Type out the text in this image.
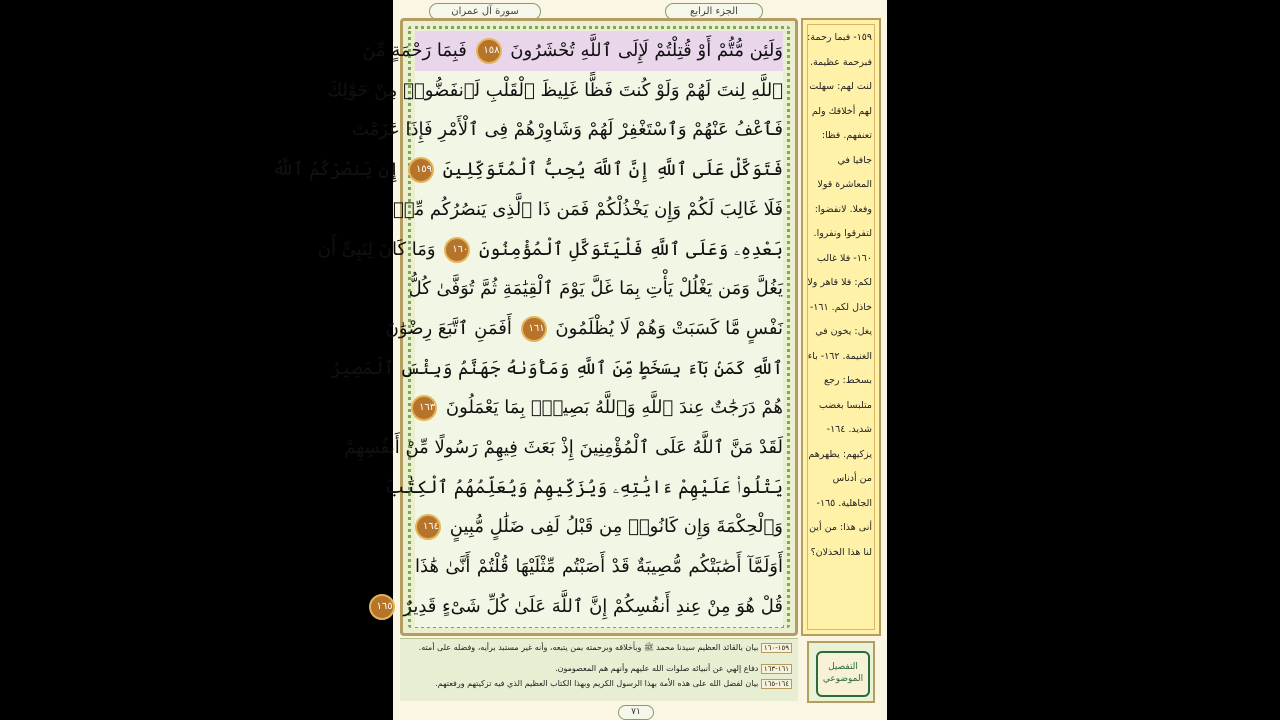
سورة آل عمران	الجزء الرابع
وَلَئِن مُّتُّمْ أَوْ قُتِلْتُمْ لَإِلَى ٱللَّهِ تُحْشَرُونَ ١٥٨ فَبِمَا رَحْمَةٍ مِّنَ
ٱللَّهِ لِنتَ لَهُمْ وَلَوْ كُنتَ فَظًّا غَلِيظَ ٱلْقَلْبِ لَٱنفَضُّوا۟ مِنْ حَوْلِكَ
فَٱعْفُ عَنْهُمْ وَٱسْتَغْفِرْ لَهُمْ وَشَاوِرْهُمْ فِى ٱلْأَمْرِ فَإِذَا عَزَمْتَ
فَتَوَكَّلْ عَلَى ٱللَّهِ إِنَّ ٱللَّهَ يُحِبُّ ٱلْمُتَوَكِّلِينَ ١٥٩ إِن يَنصُرْكُمُ ٱللَّهُ
فَلَا غَالِبَ لَكُمْ وَإِن يَخْذُلْكُمْ فَمَن ذَا ٱلَّذِى يَنصُرُكُم مِّنۢ
بَعْدِهِۦ وَعَلَى ٱللَّهِ فَلْيَتَوَكَّلِ ٱلْمُؤْمِنُونَ ١٦٠ وَمَا كَانَ لِنَبِىٍّ أَن
يَغُلَّ وَمَن يَغْلُلْ يَأْتِ بِمَا غَلَّ يَوْمَ ٱلْقِيَٰمَةِ ثُمَّ تُوَفَّىٰ كُلُّ
نَفْسٍ مَّا كَسَبَتْ وَهُمْ لَا يُظْلَمُونَ ١٦١ أَفَمَنِ ٱتَّبَعَ رِضْوَٰنَ
ٱللَّهِ كَمَنۢ بَآءَ بِسَخَطٍ مِّنَ ٱللَّهِ وَمَأْوَىٰهُ جَهَنَّمُ وَبِئْسَ ٱلْمَصِيرُ
هُمْ دَرَجَٰتٌ عِندَ ٱللَّهِ وَٱللَّهُ بَصِيرٌۢ بِمَا يَعْمَلُونَ ١٦٣
لَقَدْ مَنَّ ٱللَّهُ عَلَى ٱلْمُؤْمِنِينَ إِذْ بَعَثَ فِيهِمْ رَسُولًا مِّنْ أَنفُسِهِمْ
يَتْلُوا۟ عَلَيْهِمْ ءَايَٰتِهِۦ وَيُزَكِّيهِمْ وَيُعَلِّمُهُمُ ٱلْكِتَٰبَ
وَٱلْحِكْمَةَ وَإِن كَانُوا۟ مِن قَبْلُ لَفِى ضَلَٰلٍ مُّبِينٍ ١٦٤
أَوَلَمَّآ أَصَٰبَتْكُم مُّصِيبَةٌ قَدْ أَصَبْتُم مِّثْلَيْهَا قُلْتُمْ أَنَّىٰ هَٰذَا
قُلْ هُوَ مِنْ عِندِ أَنفُسِكُمْ إِنَّ ٱللَّهَ عَلَىٰ كُلِّ شَىْءٍ قَدِيرٌ ١٦٥
١٥٩- فبما رحمة: فبرحمة عظيمة. لنت لهم: سهلت لهم أخلاقك ولم تعنفهم. فظا: جافيا في المعاشرة قولا وفعلا. لانفضوا: لتفرقوا ونفروا. ١٦٠- فلا غالب لكم: فلا قاهر ولا خاذل لكم. ١٦١- يغل: يخون في الغنيمة. ١٦٢- باء بسخط: رجع متلبسا بغضب شديد. ١٦٤- يزكيهم: يطهرهم من أدناس الجاهلية. ١٦٥- أنى هذا: من أين لنا هذا الخذلان؟
١٥٩-١٦٠ بيان بالقائد العظيم سيدنا محمد ﷺ وبأخلاقه وبرحمته بمن يتبعه، وأنه غير مستبد برأيه، وفضله على أمته.
١٦١-١٦٣ دفاع إلهي عن أنبيائه صلوات الله عليهم وأنهم هم المعصومون.
١٦٤-١٦٥ بيان لفضل الله على هذه الأمة بهذا الرسول الكريم وبهذا الكتاب العظيم الذي فيه تزكيتهم ورفعتهم.
التفصيل
الموضوعي
٧١
